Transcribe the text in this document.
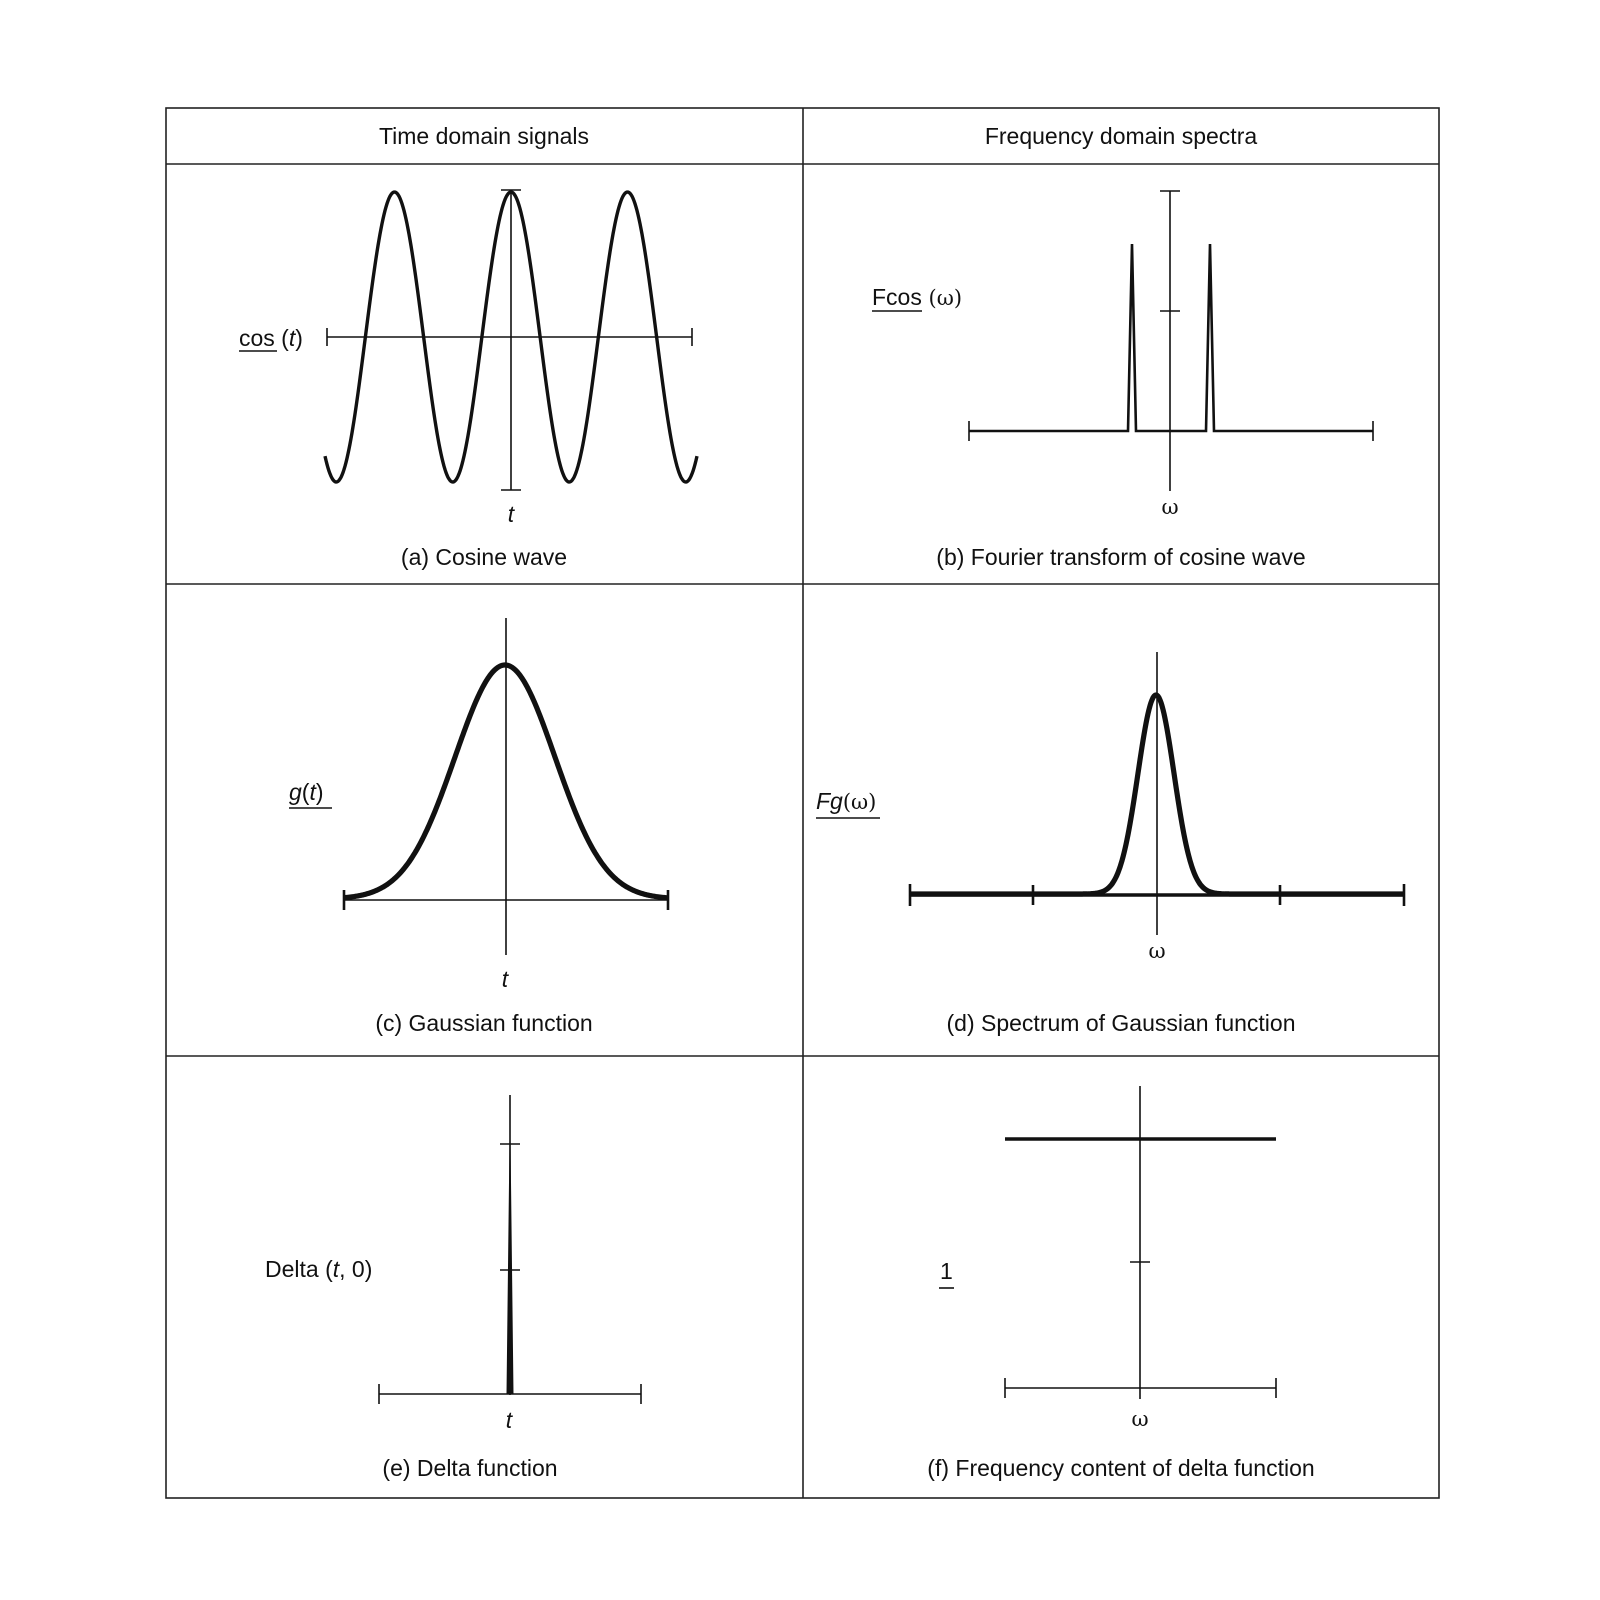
Time domain signals	Frequency domain spectra
cos (t)
t
(a) Cosine wave
Fcos (ω)
ω
(b) Fourier transform of cosine wave
g(t)
t
(c) Gaussian function
Fg(ω)
ω
(d) Spectrum of Gaussian function
Delta (t, 0)
t
(e) Delta function
1
ω
(f) Frequency content of delta function
